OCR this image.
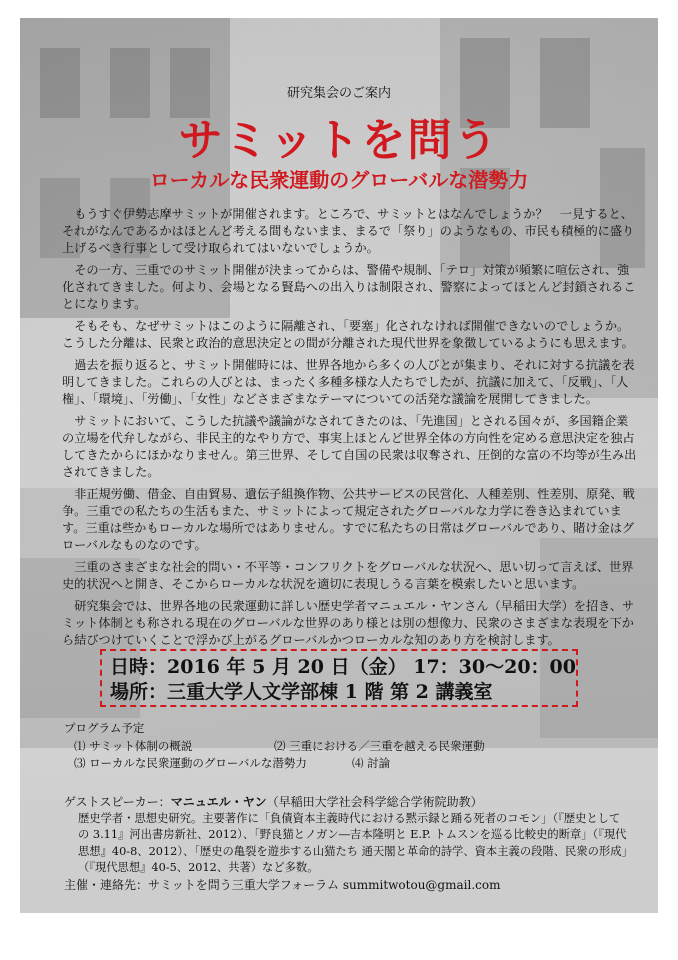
研究集会のご案内
サミットを問う
ローカルな民衆運動のグローバルな潜勢力

もうすぐ伊勢志摩サミットが開催されます。ところで、サミットとはなんでしょうか？　一見すると、それがなんであるかはほとんど考える間もないまま、まるで「祭り」のようなもの、市民も積極的に盛り上げるべき行事として受け取られてはいないでしょうか。

その一方、三重でのサミット開催が決まってからは、警備や規制、「テロ」対策が頻繁に喧伝され、強化されてきました。何より、会場となる賢島への出入りは制限され、警察によってほとんど封鎖されることになります。

そもそも、なぜサミットはこのように隔離され、「要塞」化されなければ開催できないのでしょうか。こうした分離は、民衆と政治的意思決定との間が分離された現代世界を象徴しているようにも思えます。

過去を振り返ると、サミット開催時には、世界各地から多くの人びとが集まり、それに対する抗議を表明してきました。これらの人びとは、まったく多種多様な人たちでしたが、抗議に加えて、「反戦」、「人権」、「環境」、「労働」、「女性」などさまざまなテーマについての活発な議論を展開してきました。

サミットにおいて、こうした抗議や議論がなされてきたのは、「先進国」とされる国々が、多国籍企業の立場を代弁しながら、非民主的なやり方で、事実上ほとんど世界全体の方向性を定める意思決定を独占してきたからにほかなりません。第三世界、そして自国の民衆は収奪され、圧倒的な富の不均等が生み出されてきました。

非正規労働、借金、自由貿易、遺伝子組換作物、公共サービスの民営化、人種差別、性差別、原発、戦争。三重での私たちの生活もまた、サミットによって規定されたグローバルな力学に巻き込まれています。三重は些かもローカルな場所ではありません。すでに私たちの日常はグローバルであり、賭け金はグローバルなものなのです。

三重のさまざまな社会的問い・不平等・コンフリクトをグローバルな状況へ、思い切って言えば、世界史的状況へと開き、そこからローカルな状況を適切に表現しうる言葉を模索したいと思います。

研究集会では、世界各地の民衆運動に詳しい歴史学者マニュエル・ヤンさん（早稲田大学）を招き、サミット体制とも称される現在のグローバルな世界のあり様とは別の想像力、民衆のさまざまな表現を下から結びつけていくことで浮かび上がるグローバルかつローカルな知のあり方を検討します。

日時：2016 年 5 月 20 日（金） 17：30〜20：00
場所：三重大学人文学部棟 1 階 第 2 講義室
プログラム予定
⑴ サミット体制の概説	⑵ 三重における／三重を越える民衆運動
⑶ ローカルな民衆運動のグローバルな潜勢力	⑷ 討論
ゲストスピーカー：マニュエル・ヤン（早稲田大学社会科学総合学術院助教）
歴史学者・思想史研究。主要著作に「負債資本主義時代における黙示録と踊る死者のコモン」（『歴史としての 3.11』河出書房新社、2012）、「野良猫とノガン―吉本隆明と E.P. トムスンを巡る比較史的断章」（『現代思想』40-8、2012）、「歴史の亀裂を遊歩する山猫たち 通天閣と革命的詩学、資本主義の段階、民衆の形成」（『現代思想』40-5、2012、共著）など多数。
主催・連絡先：サミットを問う三重大学フォーラム summitwotou@gmail.com
